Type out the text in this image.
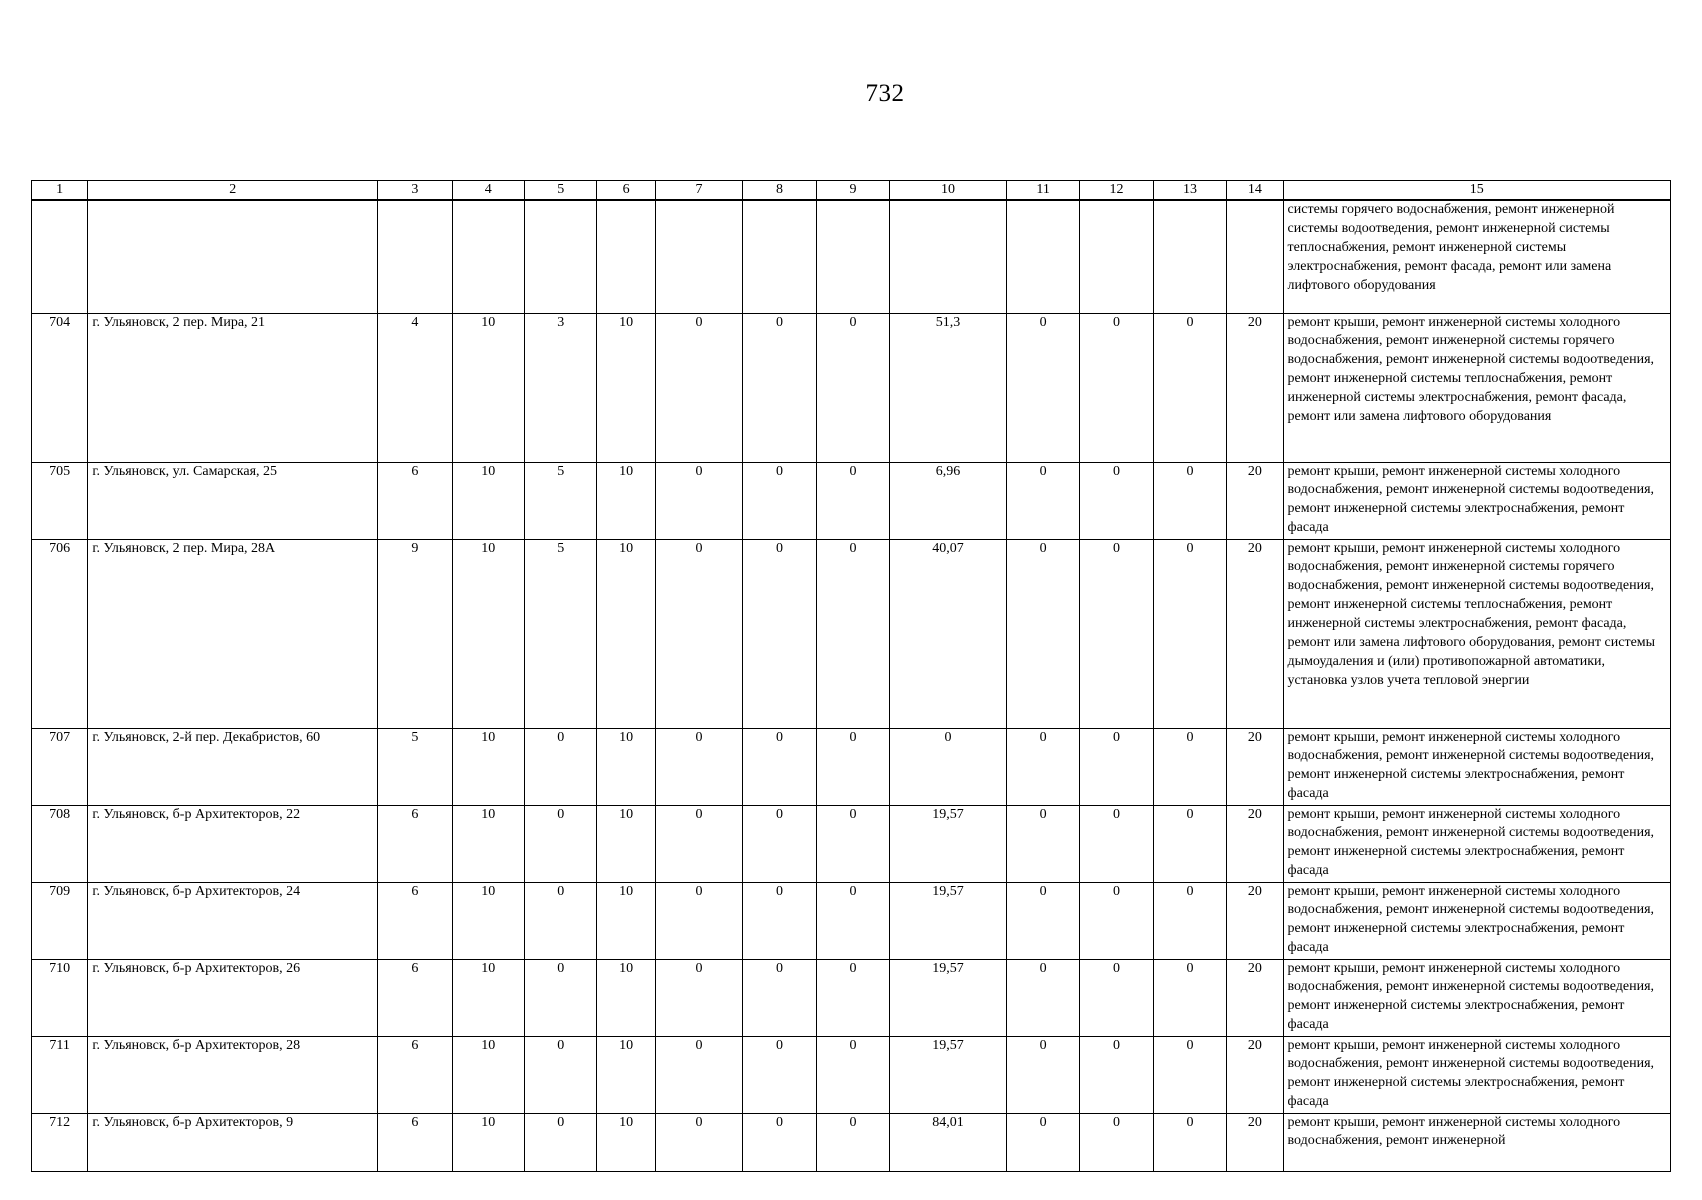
732
1	2	3	4	5	6	7	8	9	10	11	12	13	14	15
														системы горячего водоснабжения, ремонт инженерной системы водоотведения, ремонт инженерной системы теплоснабжения, ремонт инженерной системы электроснабжения, ремонт фасада, ремонт или замена лифтового оборудования
704	г. Ульяновск, 2 пер. Мира, 21	4	10	3	10	0	0	0	51,3	0	0	0	20	ремонт крыши, ремонт инженерной системы холодного водоснабжения, ремонт инженерной системы горячего водоснабжения, ремонт инженерной системы водоотведения, ремонт инженерной системы теплоснабжения, ремонт инженерной системы электроснабжения, ремонт фасада, ремонт или замена лифтового оборудования
705	г. Ульяновск, ул. Самарская, 25	6	10	5	10	0	0	0	6,96	0	0	0	20	ремонт крыши, ремонт инженерной системы холодного водоснабжения, ремонт инженерной системы водоотведения, ремонт инженерной системы электроснабжения, ремонт фасада
706	г. Ульяновск, 2 пер. Мира, 28А	9	10	5	10	0	0	0	40,07	0	0	0	20	ремонт крыши, ремонт инженерной системы холодного водоснабжения, ремонт инженерной системы горячего водоснабжения, ремонт инженерной системы водоотведения, ремонт инженерной системы теплоснабжения, ремонт инженерной системы электроснабжения, ремонт фасада, ремонт или замена лифтового оборудования, ремонт системы дымоудаления и (или) противопожарной автоматики, установка узлов учета тепловой энергии
707	г. Ульяновск, 2-й пер. Декабристов, 60	5	10	0	10	0	0	0	0	0	0	0	20	ремонт крыши, ремонт инженерной системы холодного водоснабжения, ремонт инженерной системы водоотведения, ремонт инженерной системы электроснабжения, ремонт фасада
708	г. Ульяновск, б-р Архитекторов, 22	6	10	0	10	0	0	0	19,57	0	0	0	20	ремонт крыши, ремонт инженерной системы холодного водоснабжения, ремонт инженерной системы водоотведения, ремонт инженерной системы электроснабжения, ремонт фасада
709	г. Ульяновск, б-р Архитекторов, 24	6	10	0	10	0	0	0	19,57	0	0	0	20	ремонт крыши, ремонт инженерной системы холодного водоснабжения, ремонт инженерной системы водоотведения, ремонт инженерной системы электроснабжения, ремонт фасада
710	г. Ульяновск, б-р Архитекторов, 26	6	10	0	10	0	0	0	19,57	0	0	0	20	ремонт крыши, ремонт инженерной системы холодного водоснабжения, ремонт инженерной системы водоотведения, ремонт инженерной системы электроснабжения, ремонт фасада
711	г. Ульяновск, б-р Архитекторов, 28	6	10	0	10	0	0	0	19,57	0	0	0	20	ремонт крыши, ремонт инженерной системы холодного водоснабжения, ремонт инженерной системы водоотведения, ремонт инженерной системы электроснабжения, ремонт фасада
712	г. Ульяновск, б-р Архитекторов, 9	6	10	0	10	0	0	0	84,01	0	0	0	20	ремонт крыши, ремонт инженерной системы холодного водоснабжения, ремонт инженерной
